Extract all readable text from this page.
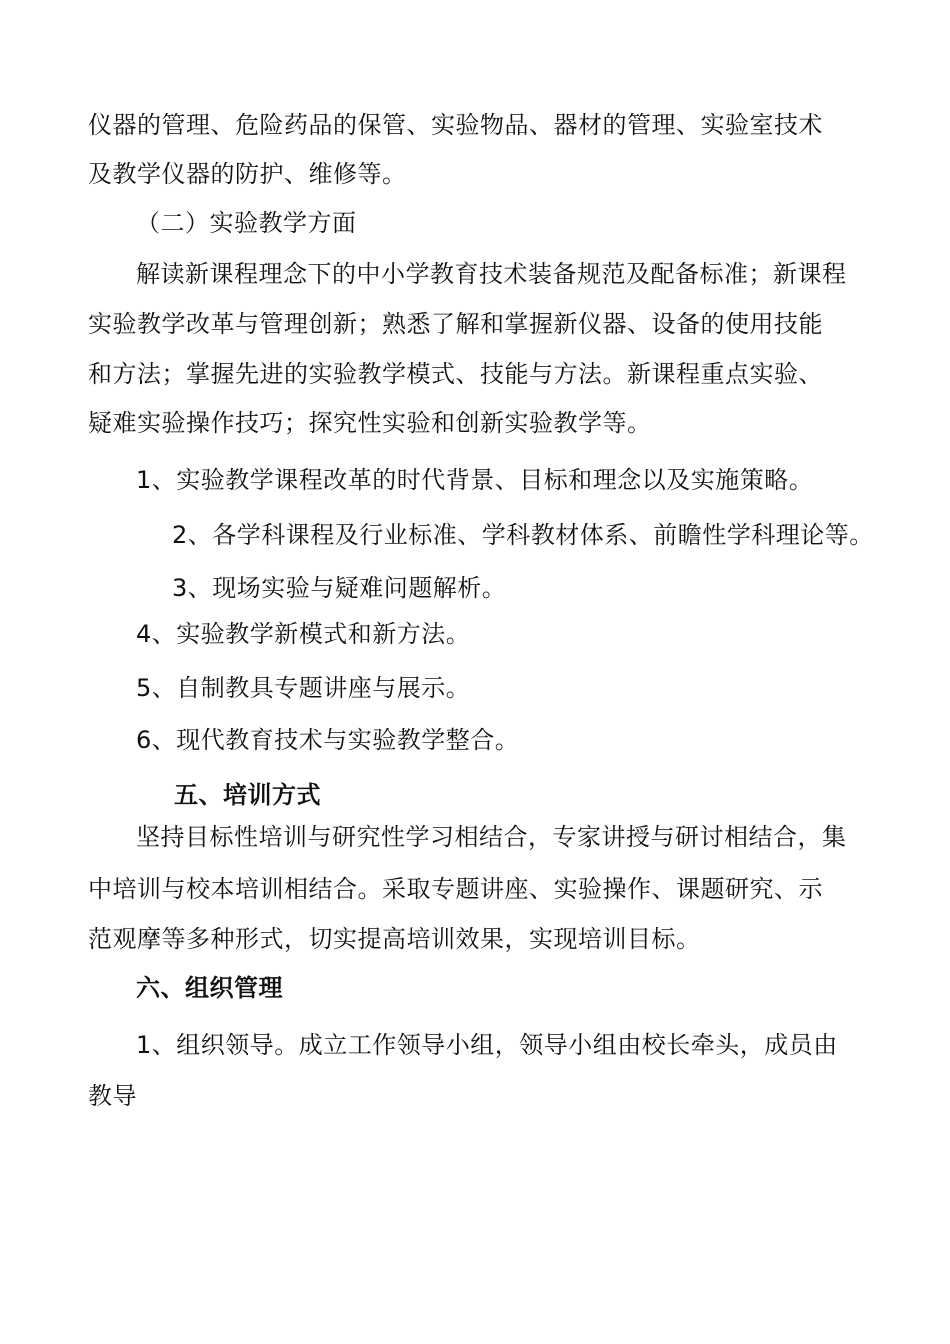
仪器的管理、危险药品的保管、实验物品、器材的管理、实验室技术
及教学仪器的防护、维修等。
（二）实验教学方面
解读新课程理念下的中小学教育技术装备规范及配备标准；新课程
实验教学改革与管理创新；熟悉了解和掌握新仪器、设备的使用技能
和方法；掌握先进的实验教学模式、技能与方法。新课程重点实验、
疑难实验操作技巧；探究性实验和创新实验教学等。
1、实验教学课程改革的时代背景、目标和理念以及实施策略。
2、各学科课程及行业标准、学科教材体系、前瞻性学科理论等。
3、现场实验与疑难问题解析。
4、实验教学新模式和新方法。
5、自制教具专题讲座与展示。
6、现代教育技术与实验教学整合。
五、培训方式
坚持目标性培训与研究性学习相结合，专家讲授与研讨相结合，集
中培训与校本培训相结合。采取专题讲座、实验操作、课题研究、示
范观摩等多种形式，切实提高培训效果，实现培训目标。
六、组织管理
1、组织领导。成立工作领导小组，领导小组由校长牵头，成员由
教导
